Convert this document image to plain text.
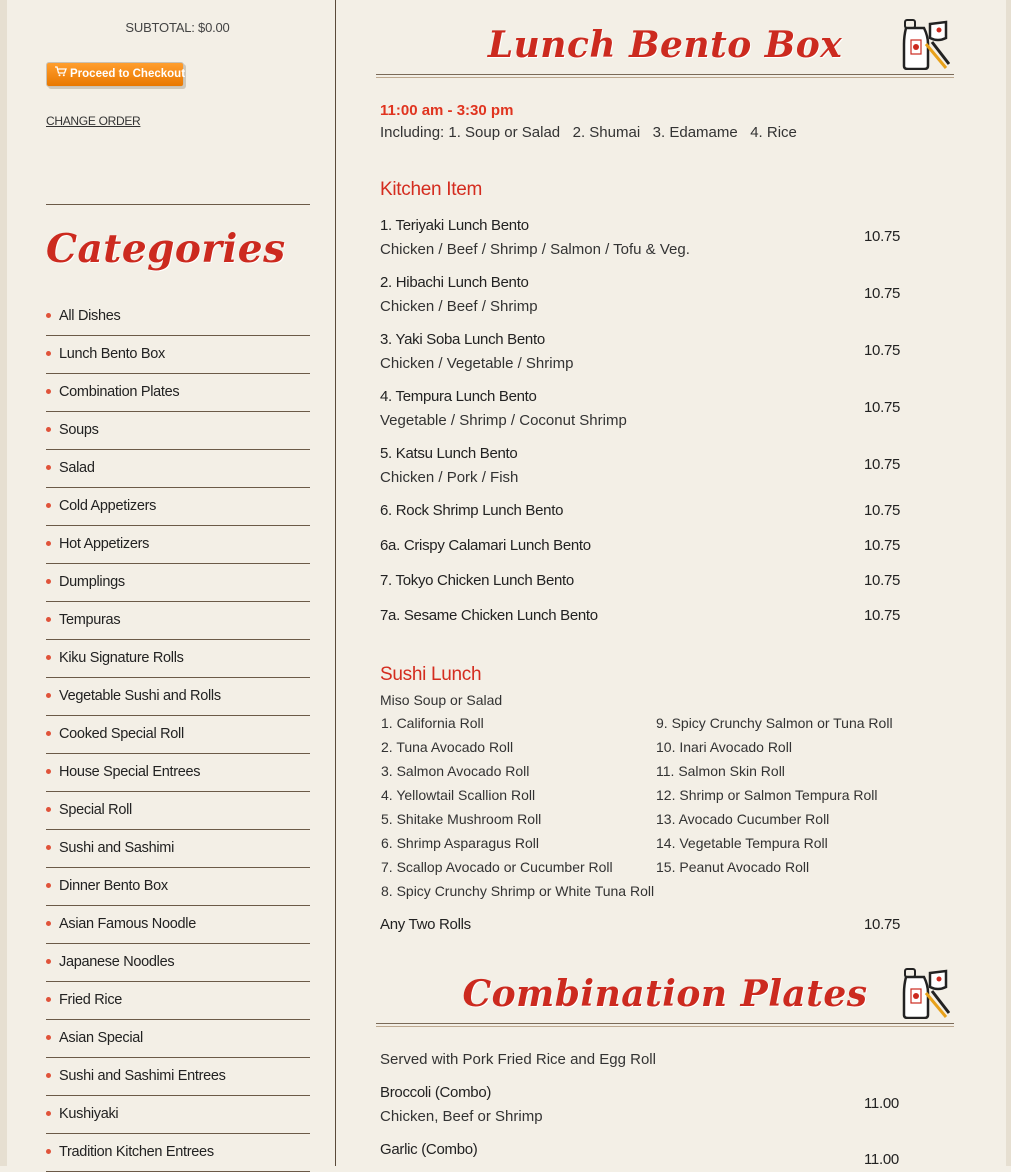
SUBTOTAL: $0.00
Proceed to Checkout
CHANGE ORDER
Categories
All Dishes
Lunch Bento Box
Combination Plates
Soups
Salad
Cold Appetizers
Hot Appetizers
Dumplings
Tempuras
Kiku Signature Rolls
Vegetable Sushi and Rolls
Cooked Special Roll
House Special Entrees
Special Roll
Sushi and Sashimi
Dinner Bento Box
Asian Famous Noodle
Japanese Noodles
Fried Rice
Asian Special
Sushi and Sashimi Entrees
Kushiyaki
Tradition Kitchen Entrees
Lunch Bento Box
11:00 am - 3:30 pm
Including: 1. Soup or Salad   2. Shumai   3. Edamame   4. Rice
Kitchen Item
1. Teriyaki Lunch Bento
Chicken / Beef / Shrimp / Salmon / Tofu & Veg.
10.75
2. Hibachi Lunch Bento
Chicken / Beef / Shrimp
10.75
3. Yaki Soba Lunch Bento
Chicken / Vegetable / Shrimp
10.75
4. Tempura Lunch Bento
Vegetable / Shrimp / Coconut Shrimp
10.75
5. Katsu Lunch Bento
Chicken / Pork / Fish
10.75
6. Rock Shrimp Lunch Bento	10.75
6a. Crispy Calamari Lunch Bento	10.75
7. Tokyo Chicken Lunch Bento	10.75
7a. Sesame Chicken Lunch Bento	10.75
Sushi Lunch
Miso Soup or Salad
1. California Roll
2. Tuna Avocado Roll
3. Salmon Avocado Roll
4. Yellowtail Scallion Roll
5. Shitake Mushroom Roll
6. Shrimp Asparagus Roll
7. Scallop Avocado or Cucumber Roll
8. Spicy Crunchy Shrimp or White Tuna Roll
9. Spicy Crunchy Salmon or Tuna Roll
10. Inari Avocado Roll
11. Salmon Skin Roll
12. Shrimp or Salmon Tempura Roll
13. Avocado Cucumber Roll
14. Vegetable Tempura Roll
15. Peanut Avocado Roll
Any Two Rolls	10.75
Combination Plates
Served with Pork Fried Rice and Egg Roll
Broccoli (Combo)
Chicken, Beef or Shrimp
11.00
Garlic (Combo)
11.00
